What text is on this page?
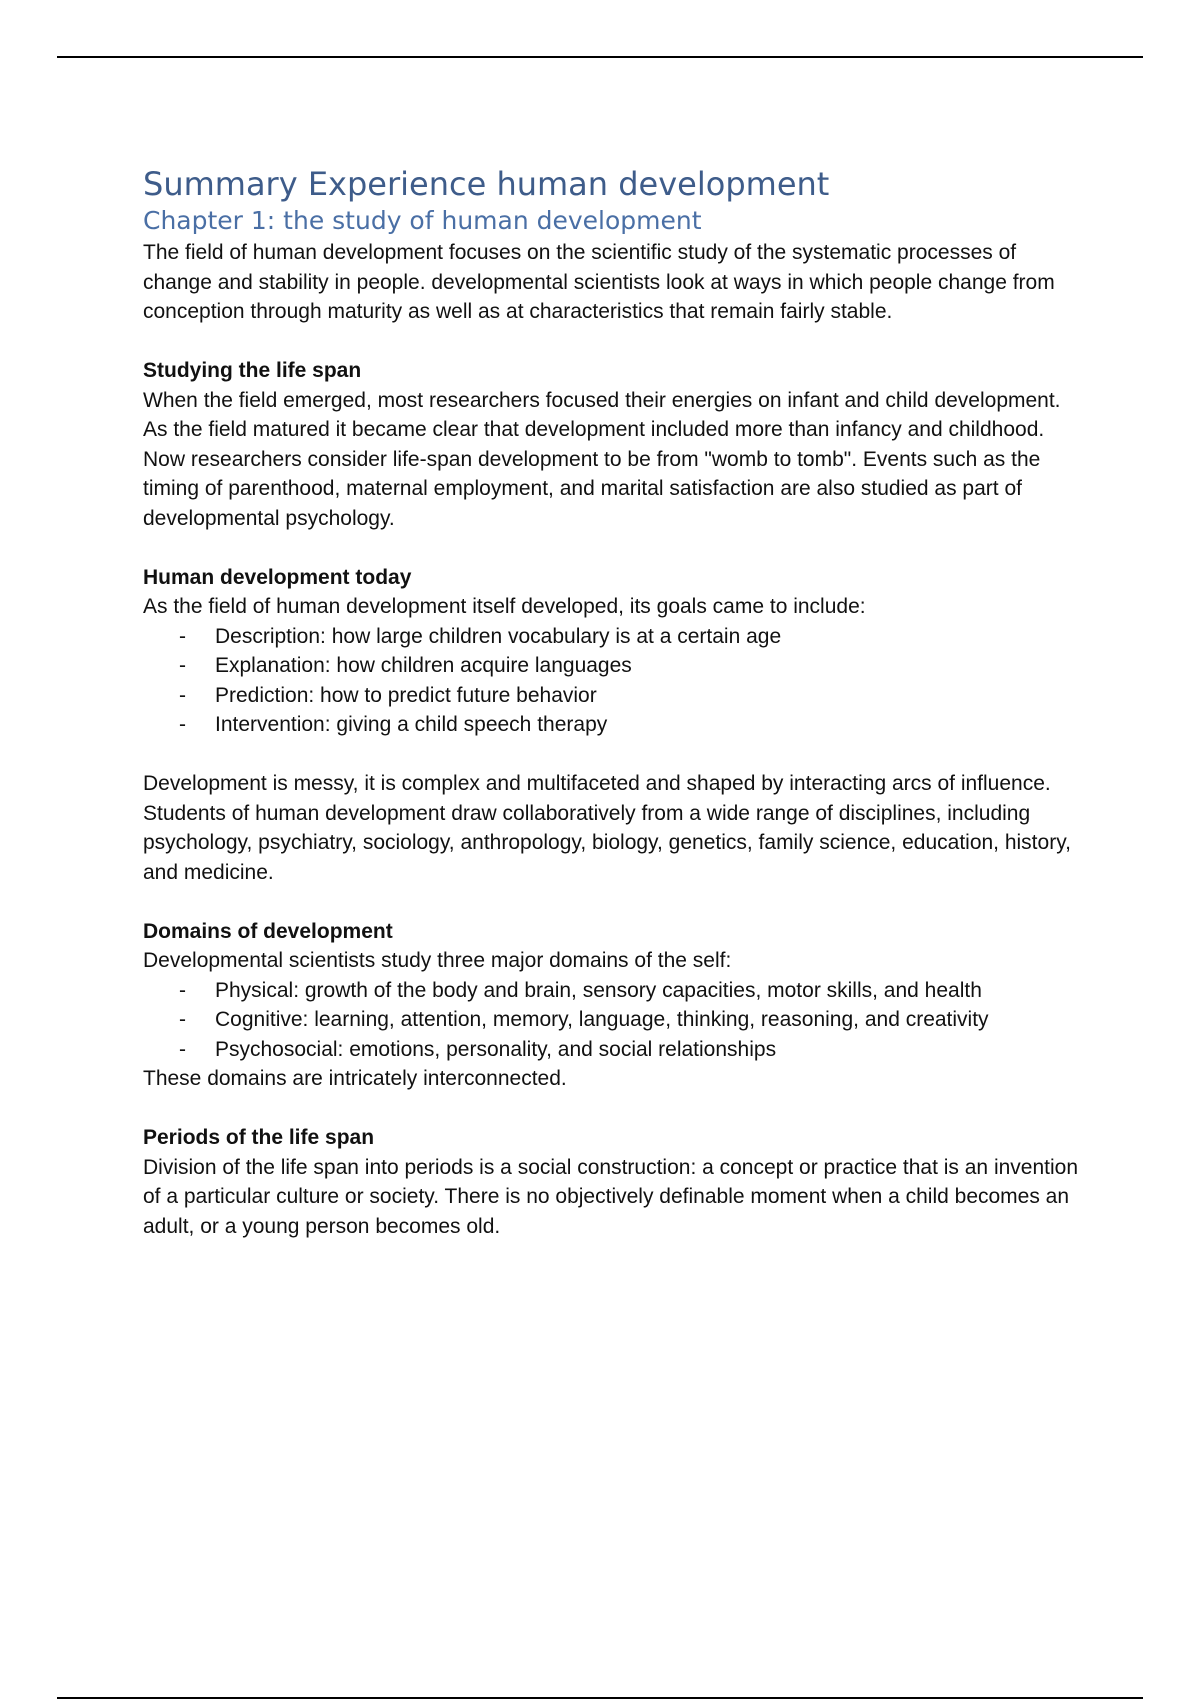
Summary Experience human development
Chapter 1: the study of human development

The field of human development focuses on the scientific study of the systematic processes of change and stability in people. developmental scientists look at ways in which people change from conception through maturity as well as at characteristics that remain fairly stable.

Studying the life span

When the field emerged, most researchers focused their energies on infant and child development. As the field matured it became clear that development included more than infancy and childhood. Now researchers consider life-span development to be from "womb to tomb". Events such as the timing of parenthood, maternal employment, and marital satisfaction are also studied as part of developmental psychology.

Human development today

As the field of human development itself developed, its goals came to include:

- Description: how large children vocabulary is at a certain age
- Explanation: how children acquire languages
- Prediction: how to predict future behavior
- Intervention: giving a child speech therapy

Development is messy, it is complex and multifaceted and shaped by interacting arcs of influence. Students of human development draw collaboratively from a wide range of disciplines, including psychology, psychiatry, sociology, anthropology, biology, genetics, family science, education, history, and medicine.

Domains of development

Developmental scientists study three major domains of the self:

- Physical: growth of the body and brain, sensory capacities, motor skills, and health
- Cognitive: learning, attention, memory, language, thinking, reasoning, and creativity
- Psychosocial: emotions, personality, and social relationships

These domains are intricately interconnected.

Periods of the life span

Division of the life span into periods is a social construction: a concept or practice that is an invention of a particular culture or society. There is no objectively definable moment when a child becomes an adult, or a young person becomes old.
